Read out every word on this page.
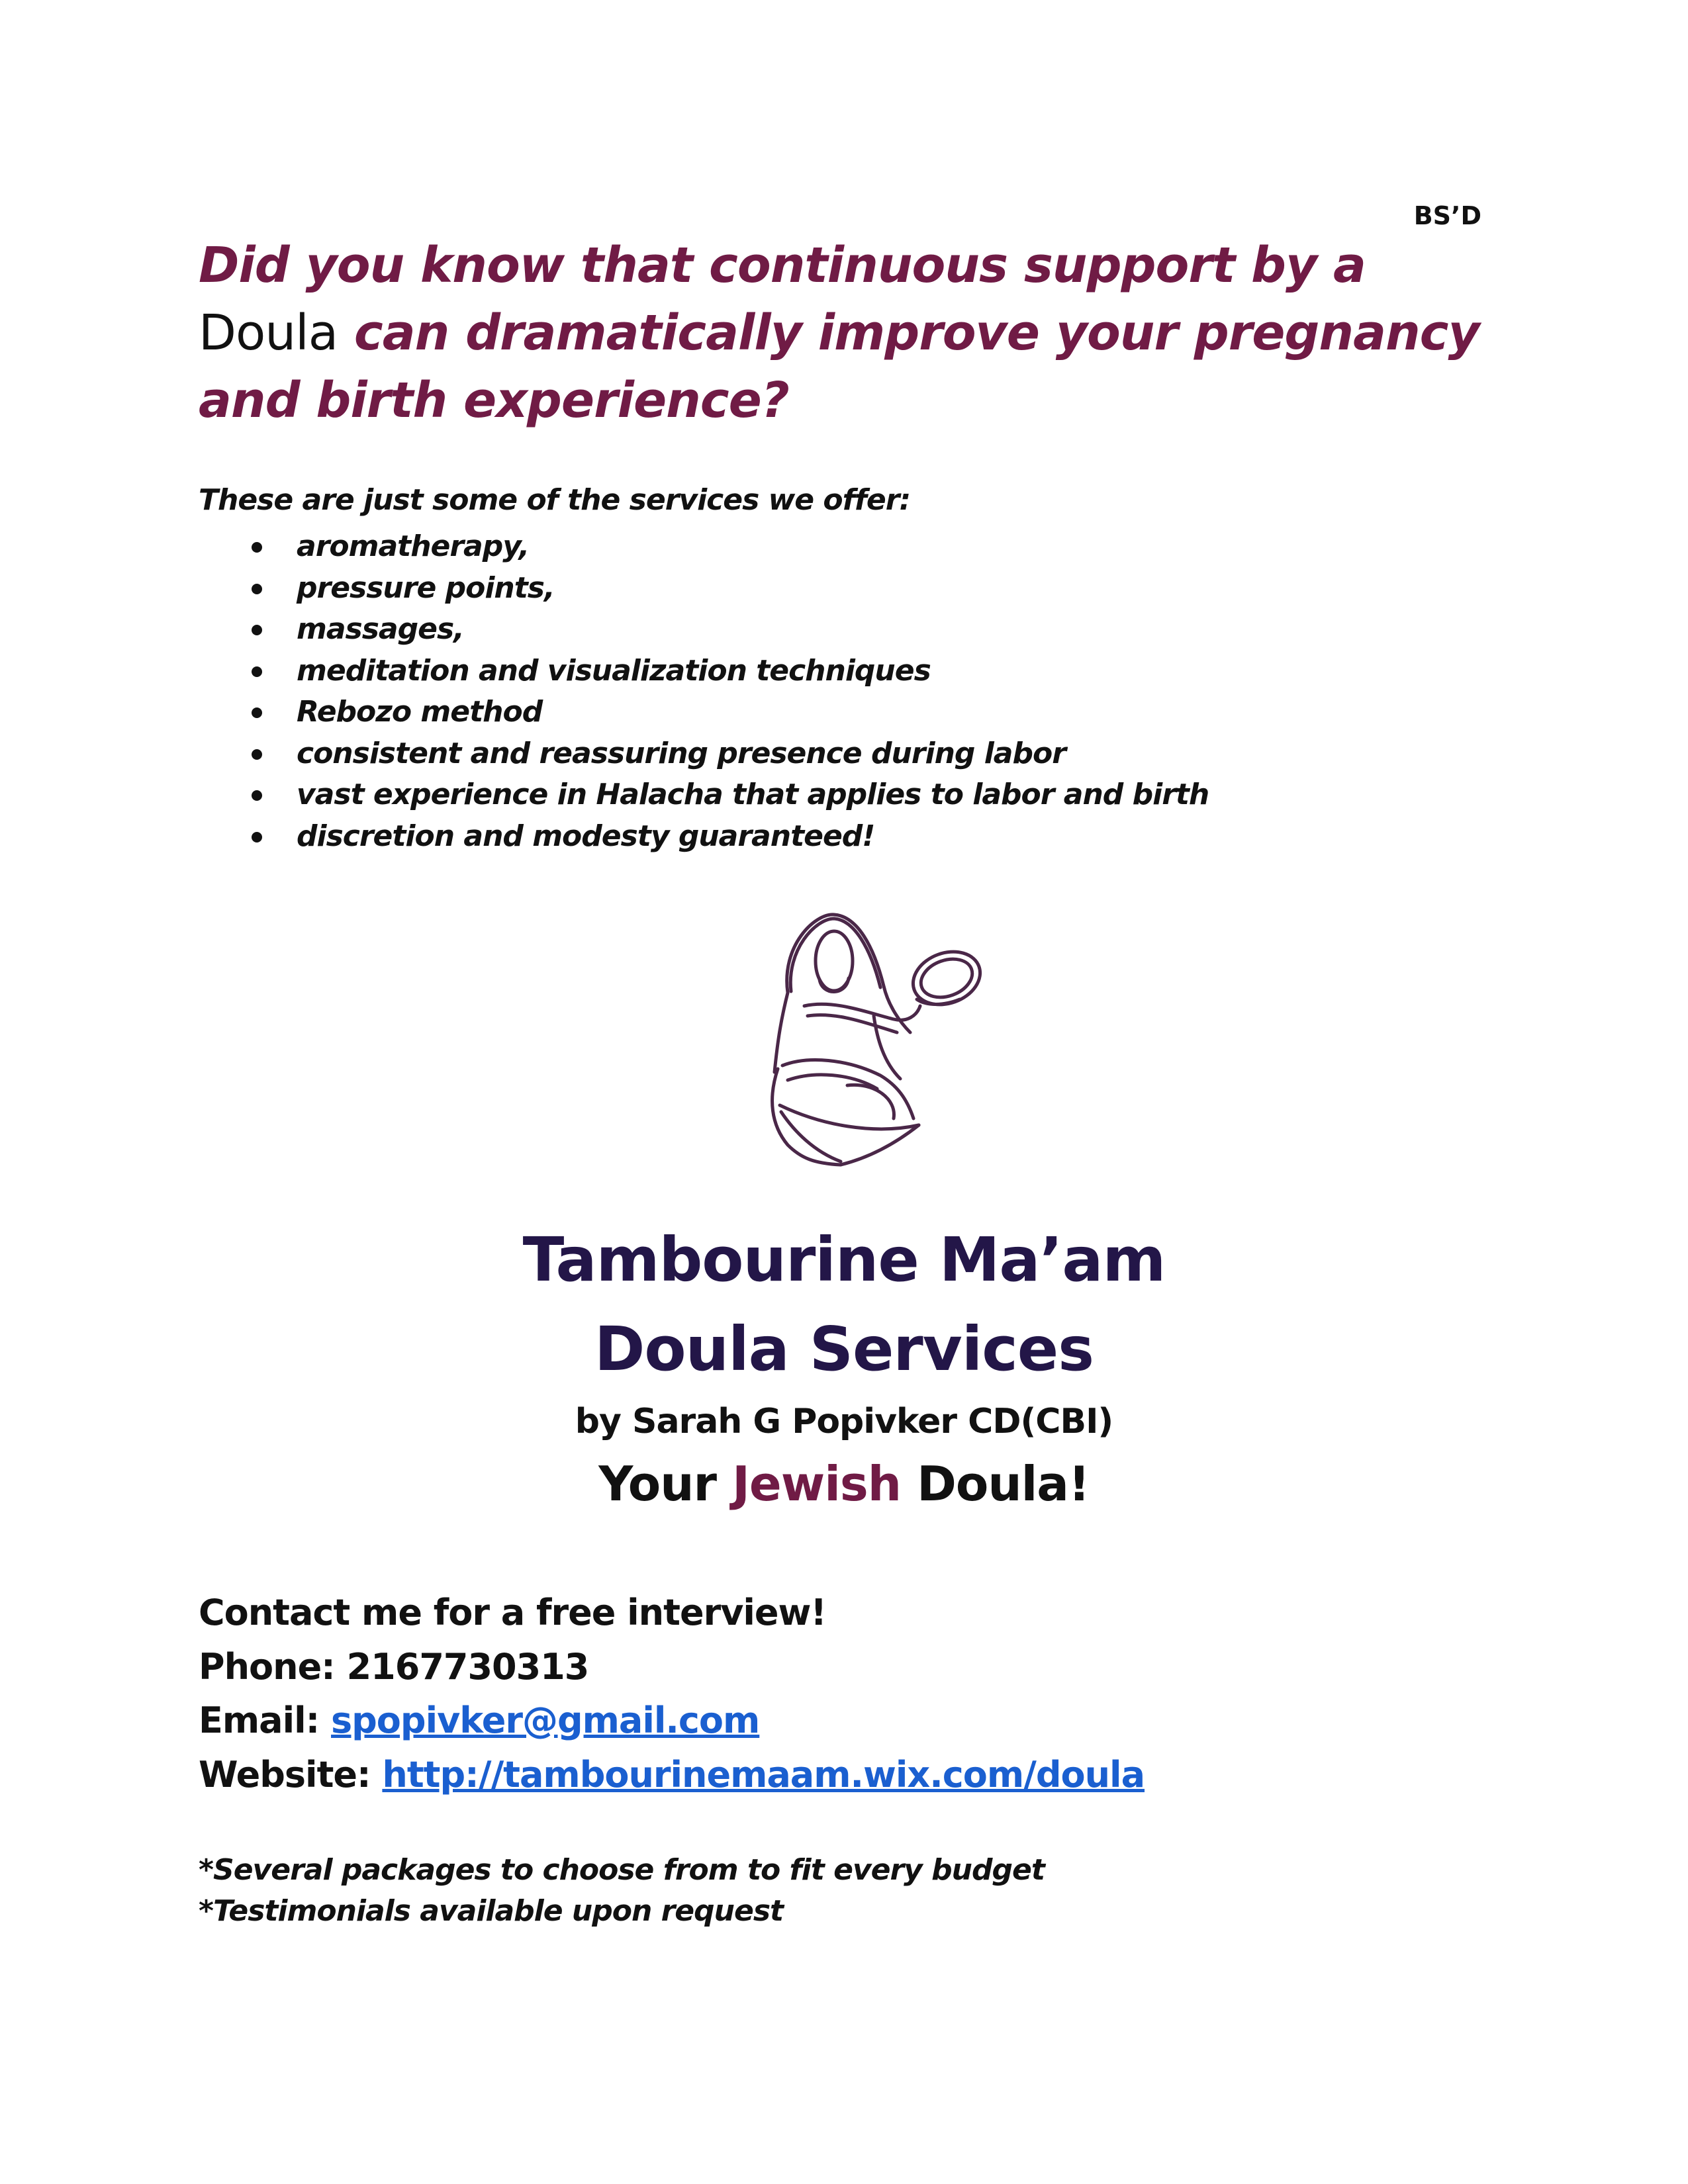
BS’D
Did you know that continuous support by a Doula can dramatically improve your pregnancy and birth experience?
These are just some of the services we offer:
aromatherapy,
pressure points,
massages,
meditation and visualization techniques
Rebozo method
consistent and reassuring presence during labor
vast experience in Halacha that applies to labor and birth
discretion and modesty guaranteed!
Tambourine Ma’am
Doula Services
by Sarah G Popivker CD(CBI)
Your Jewish Doula!
Contact me for a free interview!
Phone: 2167730313
Email: spopivker@gmail.com
Website: http://tambourinemaam.wix.com/doula
*Several packages to choose from to fit every budget
*Testimonials available upon request
